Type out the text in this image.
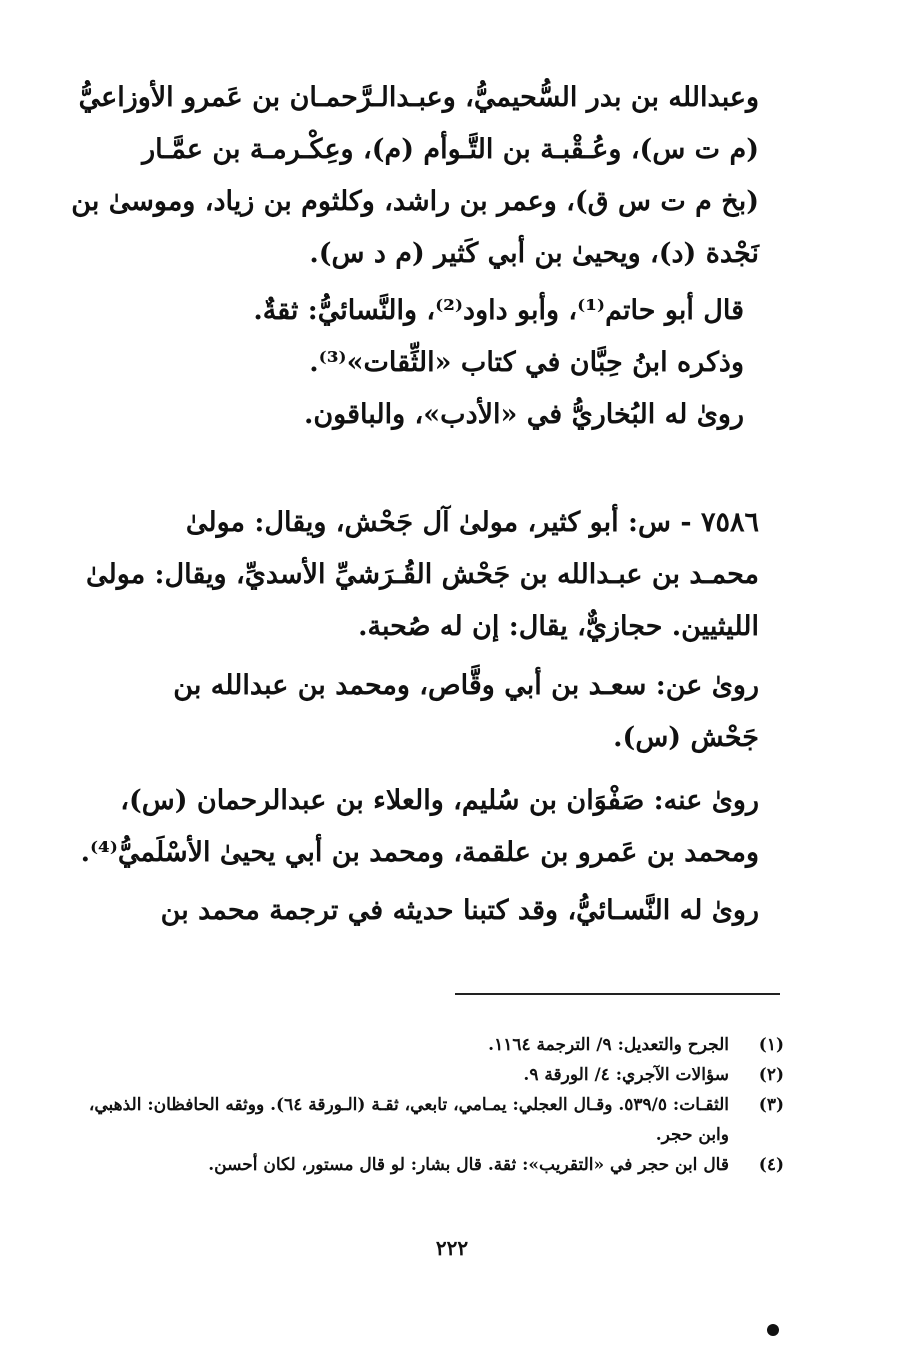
وعبدالله بن بدر السُّحيميُّ، وعبـدالـرَّحمـان بن عَمرو الأوزاعيُّ
(م ت س)، وعُـقْبـة بن التَّـوأم (م)، وعِكْـرمـة بن عمَّـار
(بخ م ت س ق)، وعمر بن راشد، وكلثوم بن زياد، وموسىٰ بن
نَجْدة (د)، ويحيىٰ بن أبي كَثير (م د س).
قال أبو حاتم⁽¹⁾، وأبو داود⁽²⁾، والنَّسائيُّ: ثقةٌ.
وذكره ابنُ حِبَّان في كتاب «الثِّقات»⁽³⁾.
روىٰ له البُخاريُّ في «الأدب»، والباقون.
٧٥٨٦ - س: أبو كثير، مولىٰ آل جَحْش، ويقال: مولىٰ
محمـد بن عبـدالله بن جَحْش القُـرَشيِّ الأسديِّ، ويقال: مولىٰ
الليثيين. حجازيٌّ، يقال: إن له صُحبة.
روىٰ عن: سعـد بن أبي وقَّاص، ومحمد بن عبدالله بن
جَحْش (س).
روىٰ عنه: صَفْوَان بن سُليم، والعلاء بن عبدالرحمان (س)،
ومحمد بن عَمرو بن علقمة، ومحمد بن أبي يحيىٰ الأسْلَميُّ⁽⁴⁾.
روىٰ له النَّسـائيُّ، وقد كتبنا حديثه في ترجمة محمد بن
(١)
الجرح والتعديل: ٩/ الترجمة ١١٦٤.
(٢)
سؤالات الآجري: ٤/ الورقة ٩.
(٣)
الثقـات: ٥٣٩/٥. وقـال العجلي: يمـامي، تابعي، ثقـة (الـورقة ٦٤). ووثقه الحافظان: الذهبي، وابن حجر.
(٤)
قال ابن حجر في «التقريب»: ثقة. قال بشار: لو قال مستور، لكان أحسن.
٢٢٢
